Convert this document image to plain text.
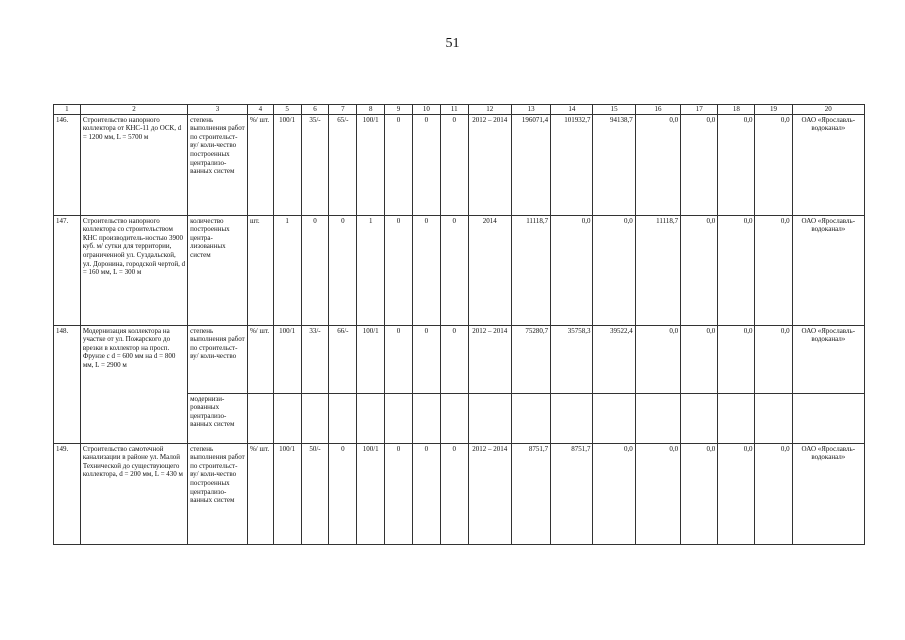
51
1	2	3	4	5	6	7	8	9	10	11	12	13	14	15	16	17	18	19	20
146.	Строительство напорного коллектора от КНС-11 до ОСК, d = 1200 мм, L = 5700 м	степень выполнения работ по строительст-ву/ коли-чество построенных централизо-ванных систем	%/ шт.	100/1	35/-	65/-	100/1	0	0	0	2012 – 2014	196071,4	101932,7	94138,7	0,0	0,0	0,0	0,0	ОАО «Ярославль-водоканал»
147.	Строительство напорного коллектора со строительством КНС производитель-ностью 3900 куб. м/ сутки для территории, ограниченной ул. Суздальской, ул. Доронина, городской чертой, d = 160 мм, L = 300 м	количество построенных центра-лизованных систем	шт.	1	0	0	1	0	0	0	2014	11118,7	0,0	0,0	11118,7	0,0	0,0	0,0	ОАО «Ярославль-водоканал»
148.	Модернизация коллектора на участке от ул. Пожарского до врезки в коллектор на просп. Фрунзе с d = 600 мм на d = 800 мм, L = 2900 м	степень выполнения работ по строительст-ву/ коли-чество	%/ шт.	100/1	33/-	66/-	100/1	0	0	0	2012 – 2014	75280,7	35758,3	39522,4	0,0	0,0	0,0	0,0	ОАО «Ярославль-водоканал»
		модернизи-рованных централизо-ванных систем																	
149.	Строительство самотечной канализации в районе ул. Малой Технической до существующего коллектора, d = 200 мм, L = 430 м	степень выполнения работ по строительст-ву/ коли-чество построенных централизо-ванных систем	%/ шт.	100/1	50/-	0	100/1	0	0	0	2012 – 2014	8751,7	8751,7	0,0	0,0	0,0	0,0	0,0	ОАО «Ярославль-водоканал»
